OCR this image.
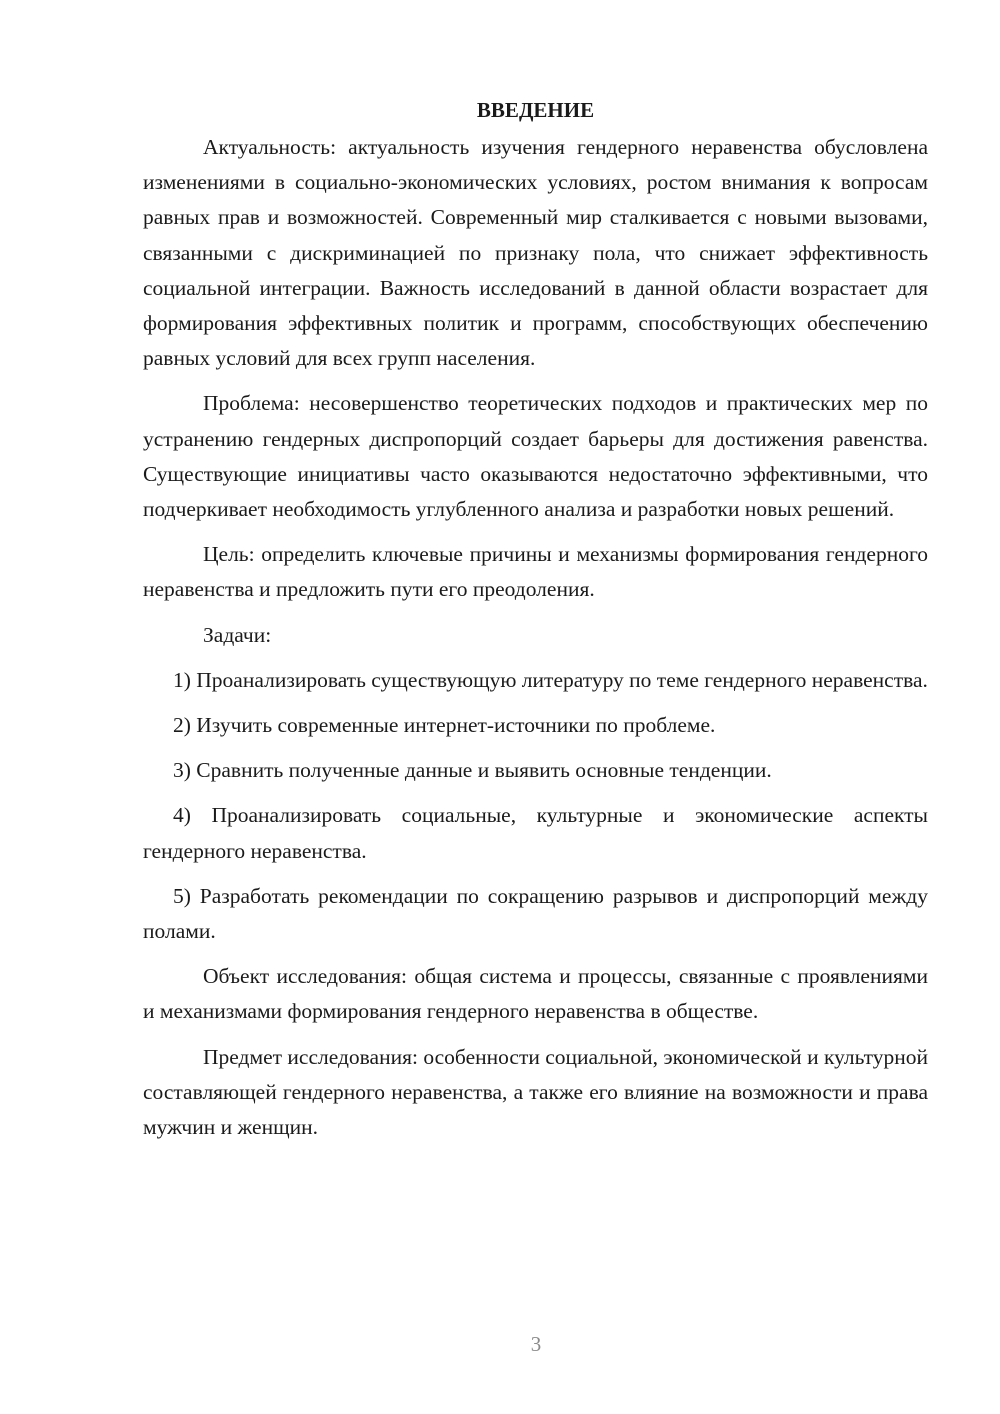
ВВЕДЕНИЕ

Актуальность: актуальность изучения гендерного неравенства обусловлена изменениями в социально-экономических условиях, ростом внимания к вопросам равных прав и возможностей. Современный мир сталкивается с новыми вызовами, связанными с дискриминацией по признаку пола, что снижает эффективность социальной интеграции. Важность исследований в данной области возрастает для формирования эффективных политик и программ, способствующих обеспечению равных условий для всех групп населения.

Проблема: несовершенство теоретических подходов и практических мер по устранению гендерных диспропорций создает барьеры для достижения равенства. Существующие инициативы часто оказываются недостаточно эффективными, что подчеркивает необходимость углубленного анализа и разработки новых решений.

Цель: определить ключевые причины и механизмы формирования гендерного неравенства и предложить пути его преодоления.

Задачи:

1) Проанализировать существующую литературу по теме гендерного неравенства.

2) Изучить современные интернет-источники по проблеме.

3) Сравнить полученные данные и выявить основные тенденции.

4) Проанализировать социальные, культурные и экономические аспекты гендерного неравенства.

5) Разработать рекомендации по сокращению разрывов и диспропорций между полами.

Объект исследования: общая система и процессы, связанные с проявлениями и механизмами формирования гендерного неравенства в обществе.

Предмет исследования: особенности социальной, экономической и культурной составляющей гендерного неравенства, а также его влияние на возможности и права мужчин и женщин.

3
